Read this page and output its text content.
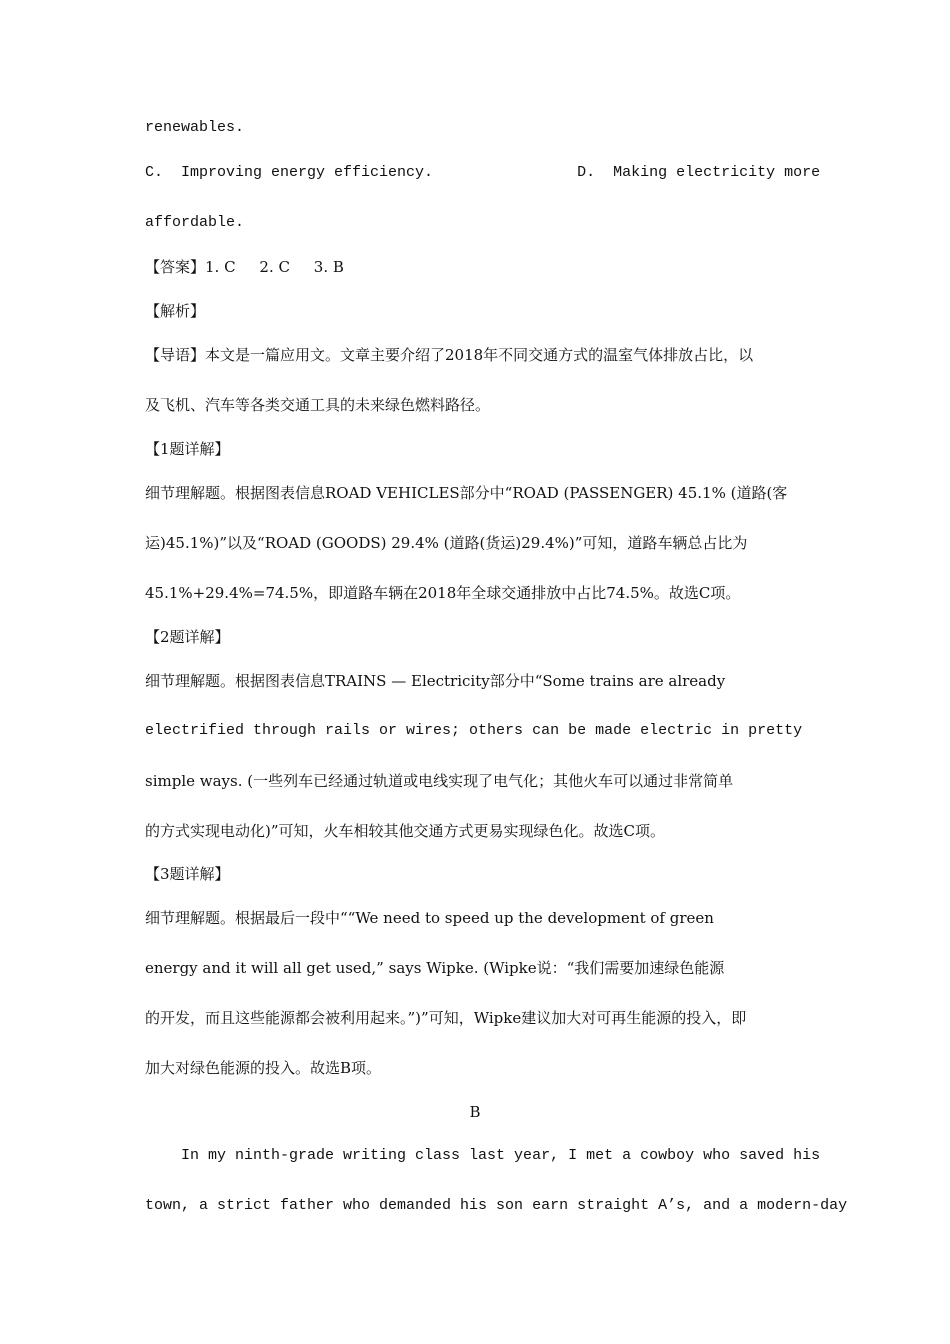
renewables.
C.  Improving energy efficiency.                D.  Making electricity more
affordable.
【答案】1. C     2. C     3. B
【解析】
【导语】本文是一篇应用文。文章主要介绍了2018年不同交通方式的温室气体排放占比，以
及飞机、汽车等各类交通工具的未来绿色燃料路径。
【1题详解】
细节理解题。根据图表信息ROAD VEHICLES部分中“ROAD (PASSENGER) 45.1% (道路(客
运)45.1%)”以及“ROAD (GOODS) 29.4% (道路(货运)29.4%)”可知，道路车辆总占比为
45.1%+29.4%=74.5%，即道路车辆在2018年全球交通排放中占比74.5%。故选C项。
【2题详解】
细节理解题。根据图表信息TRAINS — Electricity部分中“Some trains are already
electrified through rails or wires; others can be made electric in pretty
simple ways. (一些列车已经通过轨道或电线实现了电气化；其他火车可以通过非常简单
的方式实现电动化)”可知，火车相较其他交通方式更易实现绿色化。故选C项。
【3题详解】
细节理解题。根据最后一段中““We need to speed up the development of green
energy and it will all get used,” says Wipke. (Wipke说：“我们需要加速绿色能源
的开发，而且这些能源都会被利用起来。”)”可知，Wipke建议加大对可再生能源的投入，即
加大对绿色能源的投入。故选B项。
B
In my ninth-grade writing class last year, I met a cowboy who saved his
town, a strict father who demanded his son earn straight A’s, and a modern-day
